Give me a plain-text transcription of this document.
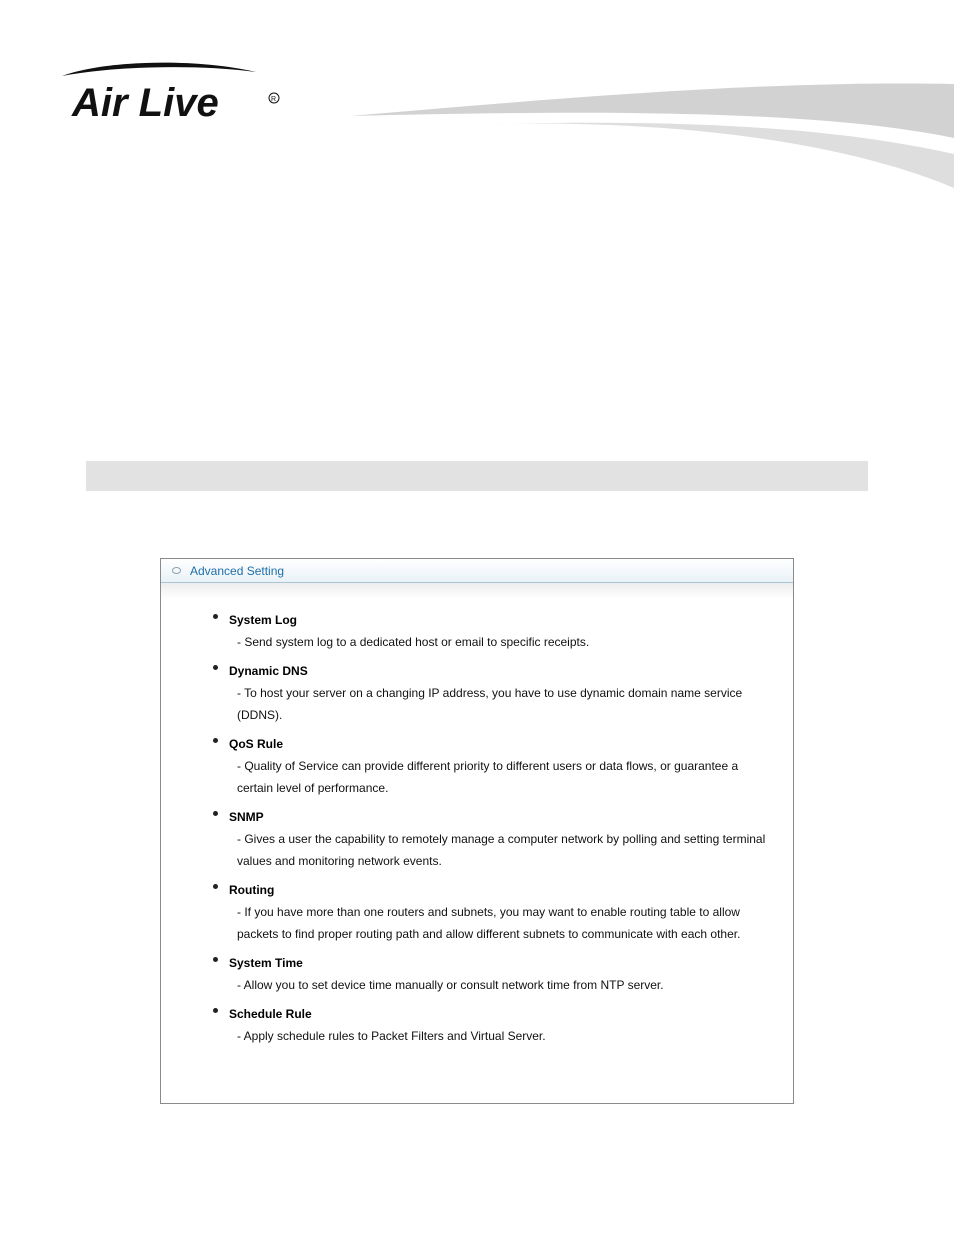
Air Live	R
Advanced Setting
System Log
- Send system log to a dedicated host or email to specific receipts.
Dynamic DNS
- To host your server on a changing IP address, you have to use dynamic domain name service (DDNS).
QoS Rule
- Quality of Service can provide different priority to different users or data flows, or guarantee a certain level of performance.
SNMP
- Gives a user the capability to remotely manage a computer network by polling and setting terminal values and monitoring network events.
Routing
- If you have more than one routers and subnets, you may want to enable routing table to allow packets to find proper routing path and allow different subnets to communicate with each other.
System Time
- Allow you to set device time manually or consult network time from NTP server.
Schedule Rule
- Apply schedule rules to Packet Filters and Virtual Server.
